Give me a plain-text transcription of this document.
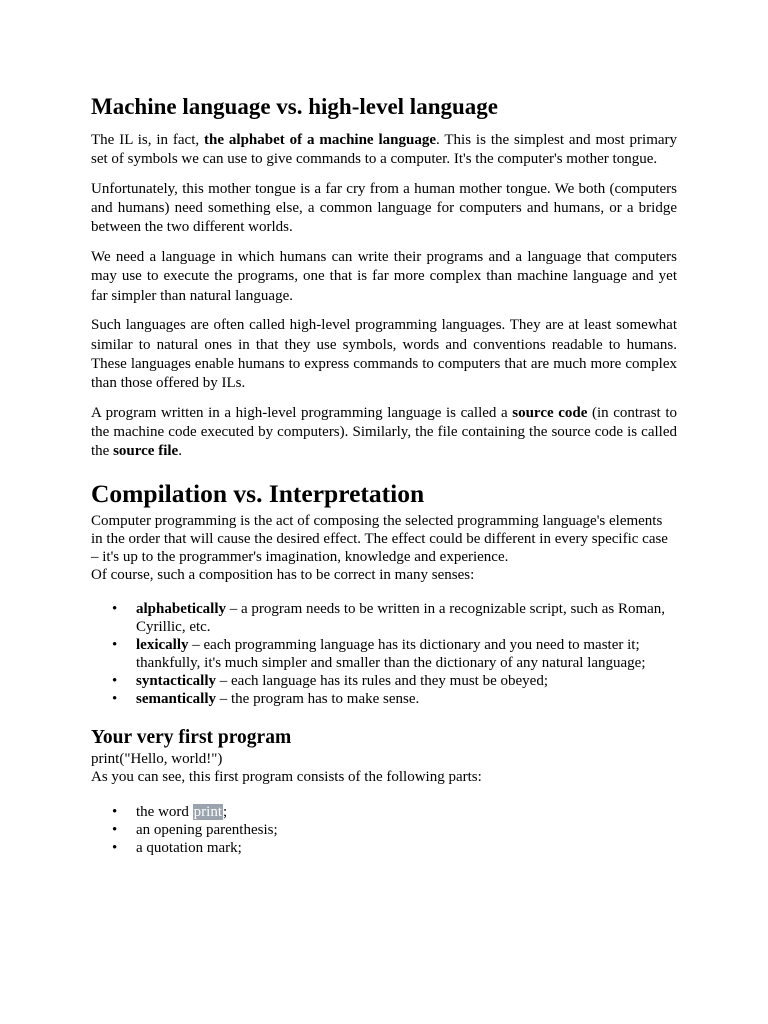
Machine language vs. high-level language

The IL is, in fact, the alphabet of a machine language. This is the simplest and most primary set of symbols we can use to give commands to a computer. It's the computer's mother tongue.

Unfortunately, this mother tongue is a far cry from a human mother tongue. We both (computers and humans) need something else, a common language for computers and humans, or a bridge between the two different worlds.

We need a language in which humans can write their programs and a language that computers may use to execute the programs, one that is far more complex than machine language and yet far simpler than natural language.

Such languages are often called high-level programming languages. They are at least somewhat similar to natural ones in that they use symbols, words and conventions readable to humans. These languages enable humans to express commands to computers that are much more complex than those offered by ILs.

A program written in a high-level programming language is called a source code (in contrast to the machine code executed by computers). Similarly, the file containing the source code is called the source file.

Compilation vs. Interpretation

Computer programming is the act of composing the selected programming language's elements in the order that will cause the desired effect. The effect could be different in every specific case – it's up to the programmer's imagination, knowledge and experience.

Of course, such a composition has to be correct in many senses:

• alphabetically – a program needs to be written in a recognizable script, such as Roman, Cyrillic, etc.
• lexically – each programming language has its dictionary and you need to master it; thankfully, it's much simpler and smaller than the dictionary of any natural language;
• syntactically – each language has its rules and they must be obeyed;
• semantically – the program has to make sense.
Your very first program

print("Hello, world!")

As you can see, this first program consists of the following parts:

• the word print;
• an opening parenthesis;
• a quotation mark;
